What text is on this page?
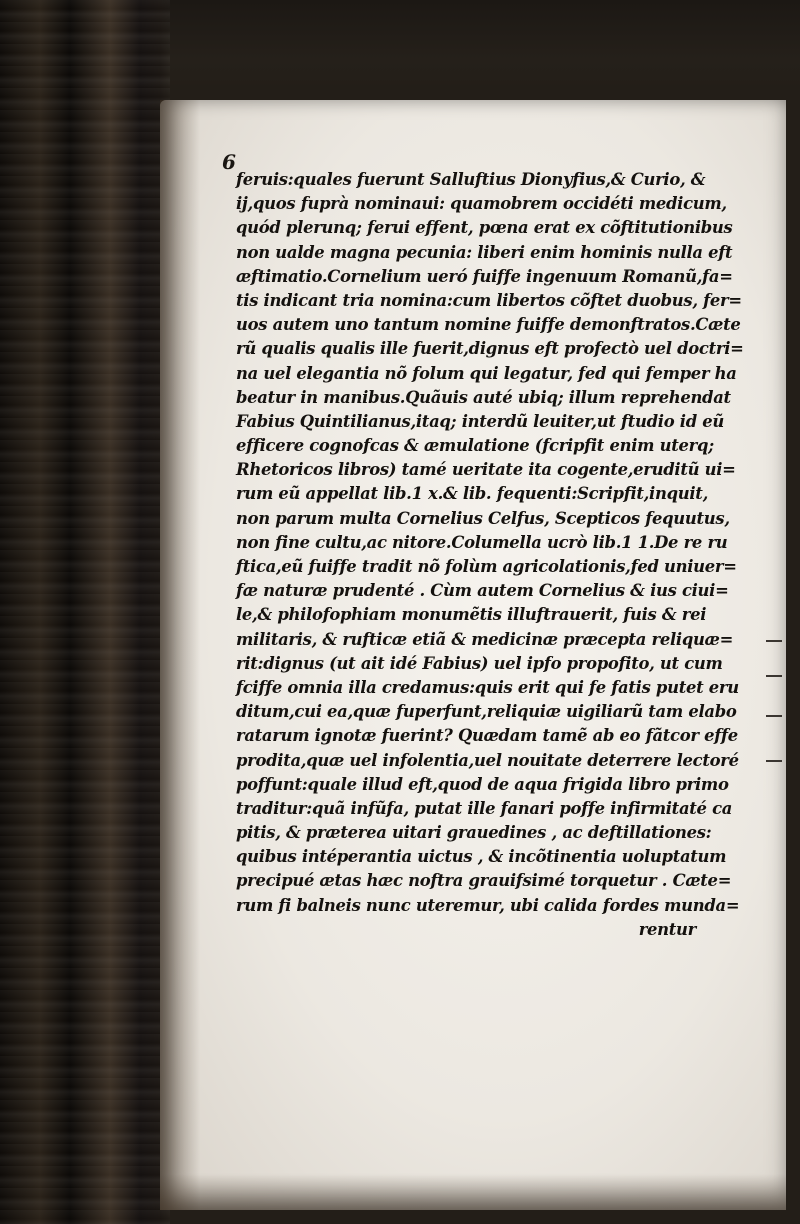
6
feruis:quales fuerunt Salluftius Dionyfius,& Curio, &
ij,quos fuprà nominaui: quamobrem occidéti medicum,
quód plerunq; ferui effent, pœna erat ex cõftitutionibus
non ualde magna pecunia: liberi enim hominis nulla eft
æftimatio.Cornelium ueró fuiffe ingenuum Romanũ,fa=
tis indicant tria nomina:cum libertos cõftet duobus, fer=
uos autem uno tantum nomine fuiffe demonftratos.Cæte
rũ qualis qualis ille fuerit,dignus eft profectò uel doctri=
na uel elegantia nõ folum qui legatur, fed qui femper ha
beatur in manibus.Quãuis auté ubiq; illum reprehendat
Fabius Quintilianus,itaq; interdũ leuiter,ut ftudio id eũ
efficere cognofcas & æmulatione (fcripfit enim uterq;
Rhetoricos libros) tamé ueritate ita cogente,eruditũ ui=
rum eũ appellat lib.1 x.& lib. fequenti:Scripfit,inquit,
non parum multa Cornelius Celfus, Scepticos fequutus,
non fine cultu,ac nitore.Columella ucrò lib.1 1.De re ru
ftica,eũ fuiffe tradit nõ folùm agricolationis,fed uniuer=
fæ naturæ prudenté . Cùm autem Cornelius & ius ciui=
le,& philofophiam monumẽtis illuftrauerit, fuis & rei
militaris, & rufticæ etiã & medicinæ præcepta reliquæ=
rit:dignus (ut ait idé Fabius) uel ipfo propofito, ut cum
fciffe omnia illa credamus:quis erit qui fe fatis putet eru
ditum,cui ea,quæ fuperfunt,reliquiæ uigiliarũ tam elabo
ratarum ignotæ fuerint? Quædam tamẽ ab eo fãtcor effe
prodita,quæ uel infolentia,uel nouitate deterrere lectoré
poffunt:quale illud eft,quod de aqua frigida libro primo
traditur:quã infũfa, putat ille fanari poffe infirmitaté ca
pitis, & præterea uitari grauedines , ac deftillationes:
quibus intéperantia uictus , & incõtinentia uoluptatum
precipué ætas hæc noftra grauifsimé torquetur . Cæte=
rum fi balneis nunc uteremur, ubi calida fordes munda=
rentur
